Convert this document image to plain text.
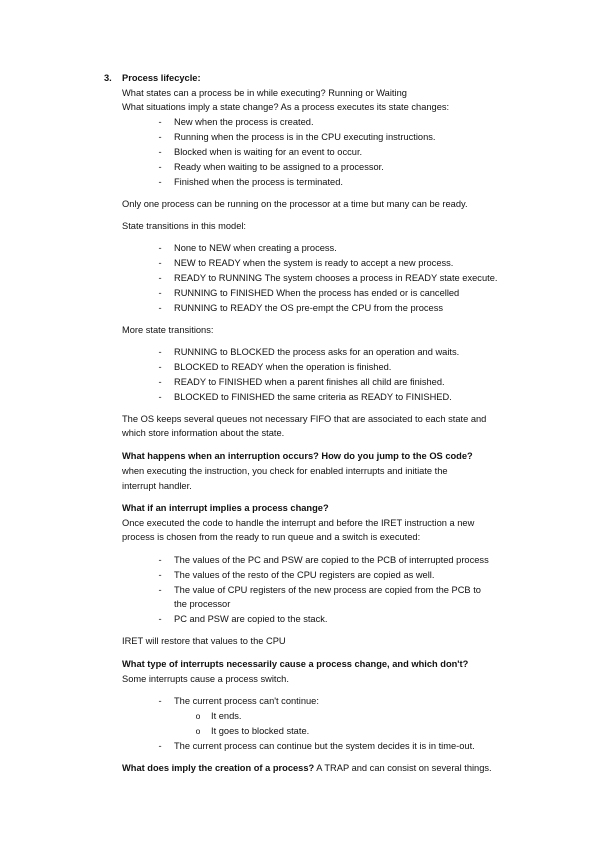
3. Process lifecycle:
What states can a process be in while executing? Running or Waiting
What situations imply a state change? As a process executes its state changes:
- New when the process is created.
- Running when the process is in the CPU executing instructions.
- Blocked when is waiting for an event to occur.
- Ready when waiting to be assigned to a processor.
- Finished when the process is terminated.
Only one process can be running on the processor at a time but many can be ready.
State transitions in this model:
- None to NEW when creating a process.
- NEW to READY when the system is ready to accept a new process.
- READY to RUNNING The system chooses a process in READY state execute.
- RUNNING to FINISHED When the process has ended or is cancelled
- RUNNING to READY the OS pre-empt the CPU from the process
More state transitions:
- RUNNING to BLOCKED the process asks for an operation and waits.
- BLOCKED to READY when the operation is finished.
- READY to FINISHED when a parent finishes all child are finished.
- BLOCKED to FINISHED the same criteria as READY to FINISHED.
The OS keeps several queues not necessary FIFO that are associated to each state and
which store information about the state.
What happens when an interruption occurs? How do you jump to the OS code?
when executing the instruction, you check for enabled interrupts and initiate the
interrupt handler.
What if an interrupt implies a process change?
Once executed the code to handle the interrupt and before the IRET instruction a new
process is chosen from the ready to run queue and a switch is executed:
- The values of the PC and PSW are copied to the PCB of interrupted process
- The values of the resto of the CPU registers are copied as well.
- The value of CPU registers of the new process are copied from the PCB to
the processor
- PC and PSW are copied to the stack.
IRET will restore that values to the CPU
What type of interrupts necessarily cause a process change, and which don't?
Some interrupts cause a process switch.
- The current process can't continue:
o It ends.
o It goes to blocked state.
- The current process can continue but the system decides it is in time-out.
What does imply the creation of a process? A TRAP and can consist on several things.
